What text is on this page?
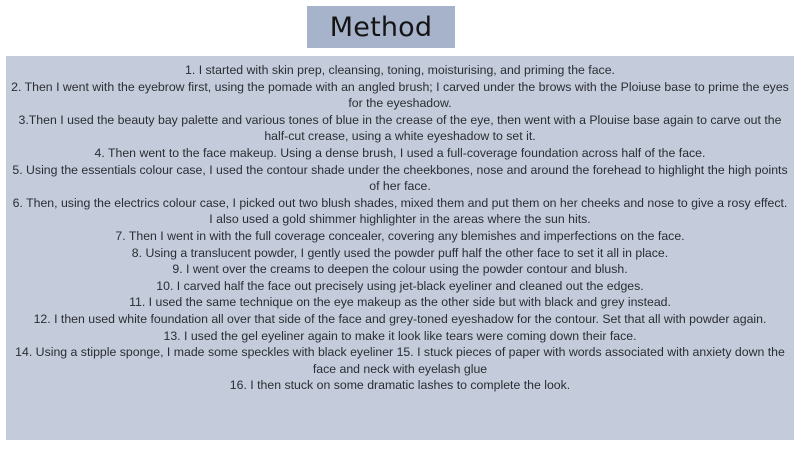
Method
1. I started with skin prep, cleansing, toning, moisturising, and priming the face.
2. Then I went with the eyebrow first, using the pomade with an angled brush; I carved under the brows with the Ploiuse base to prime the eyes for the eyeshadow.
3.Then I used the beauty bay palette and various tones of blue in the crease of the eye, then went with a Plouise base again to carve out the half-cut crease, using a white eyeshadow to set it.
4. Then went to the face makeup. Using a dense brush, I used a full-coverage foundation across half of the face.
5. Using the essentials colour case, I used the contour shade under the cheekbones, nose and around the forehead to highlight the high points of her face.
6. Then, using the electrics colour case, I picked out two blush shades, mixed them and put them on her cheeks and nose to give a rosy effect. I also used a gold shimmer highlighter in the areas where the sun hits.
7. Then I went in with the full coverage concealer, covering any blemishes and imperfections on the face.
8. Using a translucent powder, I gently used the powder puff half the other face to set it all in place.
9. I went over the creams to deepen the colour using the powder contour and blush.
10. I carved half the face out precisely using jet-black eyeliner and cleaned out the edges.
11. I used the same technique on the eye makeup as the other side but with black and grey instead.
12. I then used white foundation all over that side of the face and grey-toned eyeshadow for the contour. Set that all with powder again.
13. I used the gel eyeliner again to make it look like tears were coming down their face.
14. Using a stipple sponge, I made some speckles with black eyeliner 15. I stuck pieces of paper with words associated with anxiety down the face and neck with eyelash glue
16. I then stuck on some dramatic lashes to complete the look.
